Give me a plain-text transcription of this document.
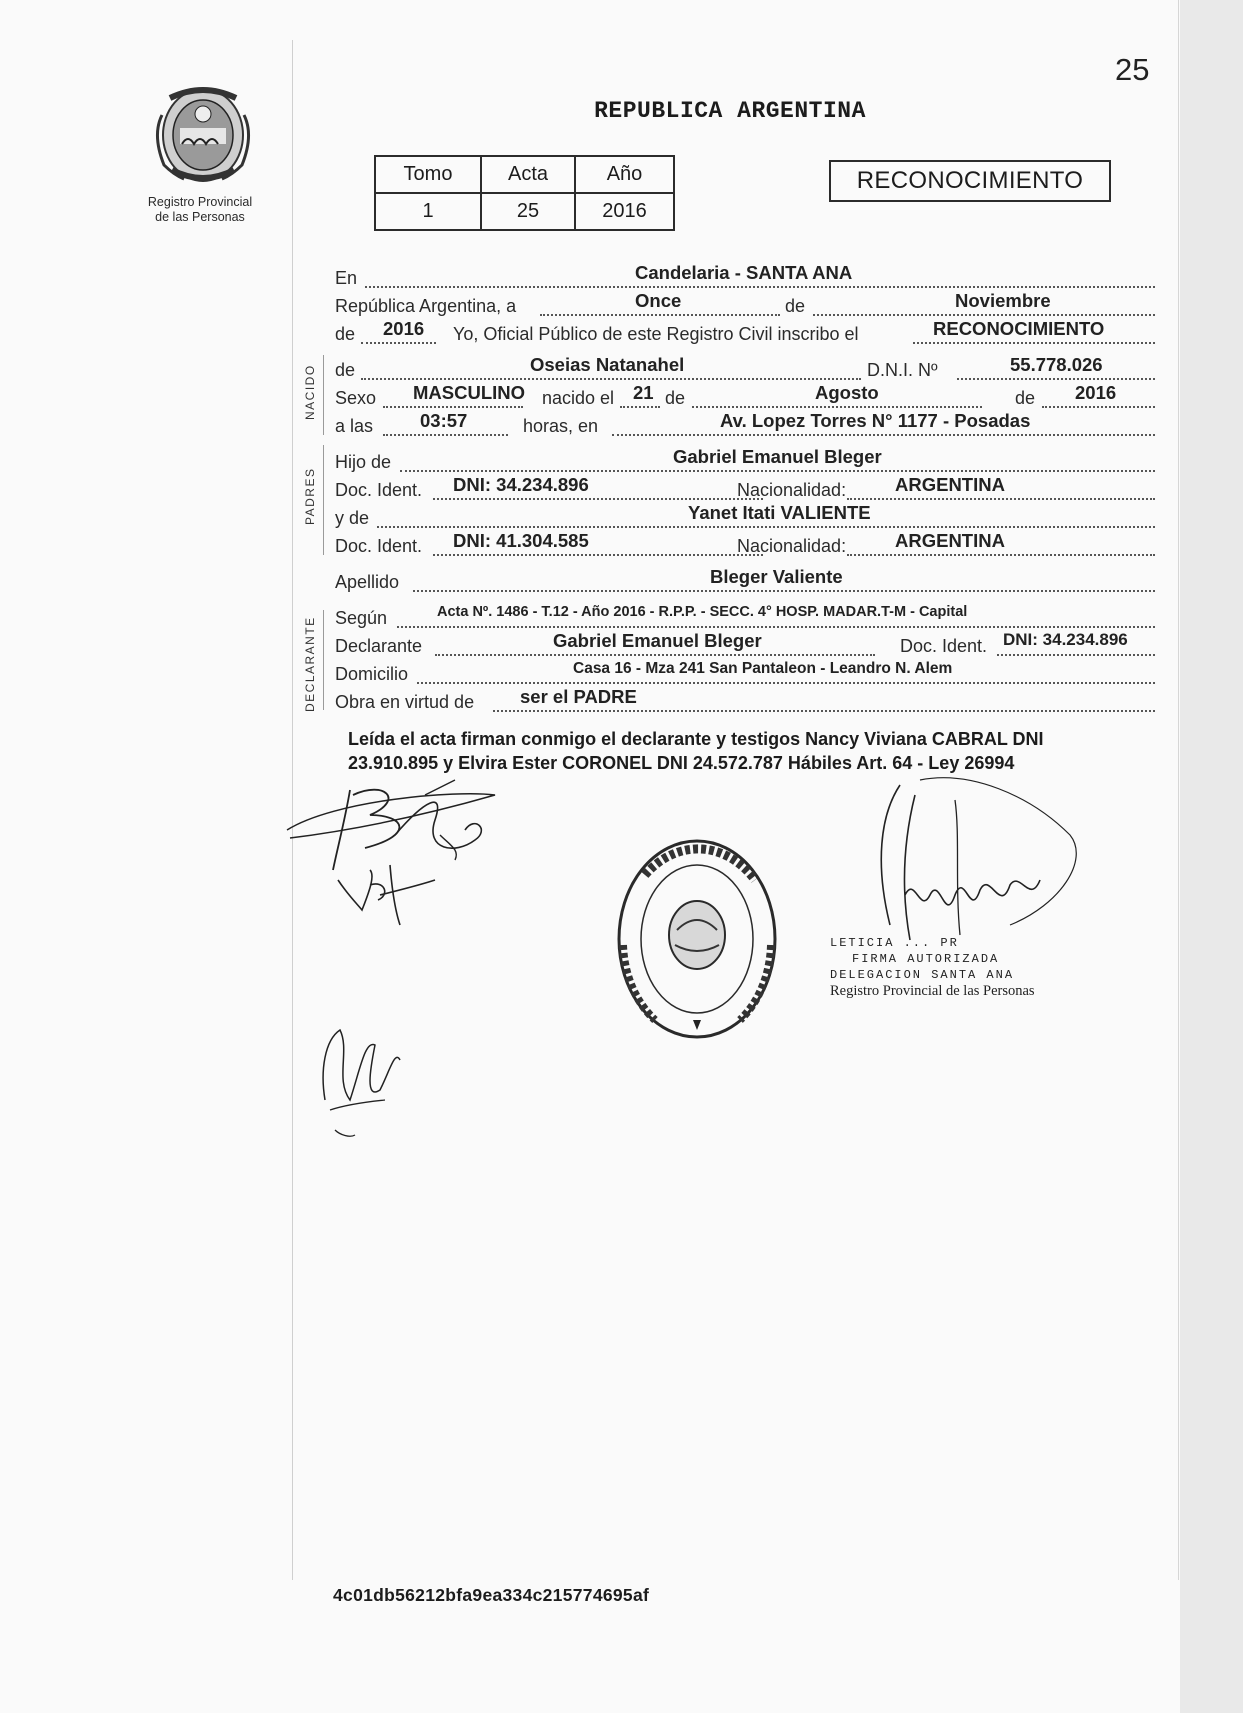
Registro Provincial
de las Personas
25
REPUBLICA ARGENTINA
Tomo	Acta	Año
1	25	2016
RECONOCIMIENTO
NACIDO
PADRES
DECLARANTE
En	Candelaria - SANTA ANA
República Argentina, a	Once	de	Noviembre
de 2016 Yo, Oficial Público de este Registro Civil inscribo el	RECONOCIMIENTO
de	Oseias Natanahel	D.N.I. Nº	55.778.026
Sexo MASCULINO nacido el 21 de	Agosto	de 2016
a las	03:57	horas, en	Av. Lopez Torres N° 1177 - Posadas
Hijo de	Gabriel Emanuel Bleger
Doc. Ident. DNI: 34.234.896	Nacionalidad:	ARGENTINA
y de	Yanet Itati VALIENTE
Doc. Ident. DNI: 41.304.585	Nacionalidad:	ARGENTINA
Apellido	Bleger Valiente
Según	Acta Nº. 1486 - T.12 - Año 2016 - R.P.P. - SECC. 4° HOSP. MADAR.T-M - Capital
Declarante	Gabriel Emanuel Bleger	Doc. Ident. DNI: 34.234.896
Domicilio	Casa 16 - Mza 241 San Pantaleon - Leandro N. Alem
Obra en virtud de ser el PADRE
Leída el acta firman conmigo el declarante y testigos Nancy Viviana CABRAL DNI 23.910.895 y Elvira Ester CORONEL DNI 24.572.787 Hábiles Art. 64 - Ley 26994
LETICIA ... PR
FIRMA AUTORIZADA
DELEGACION SANTA ANA
Registro Provincial de las Personas
4c01db56212bfa9ea334c215774695af
